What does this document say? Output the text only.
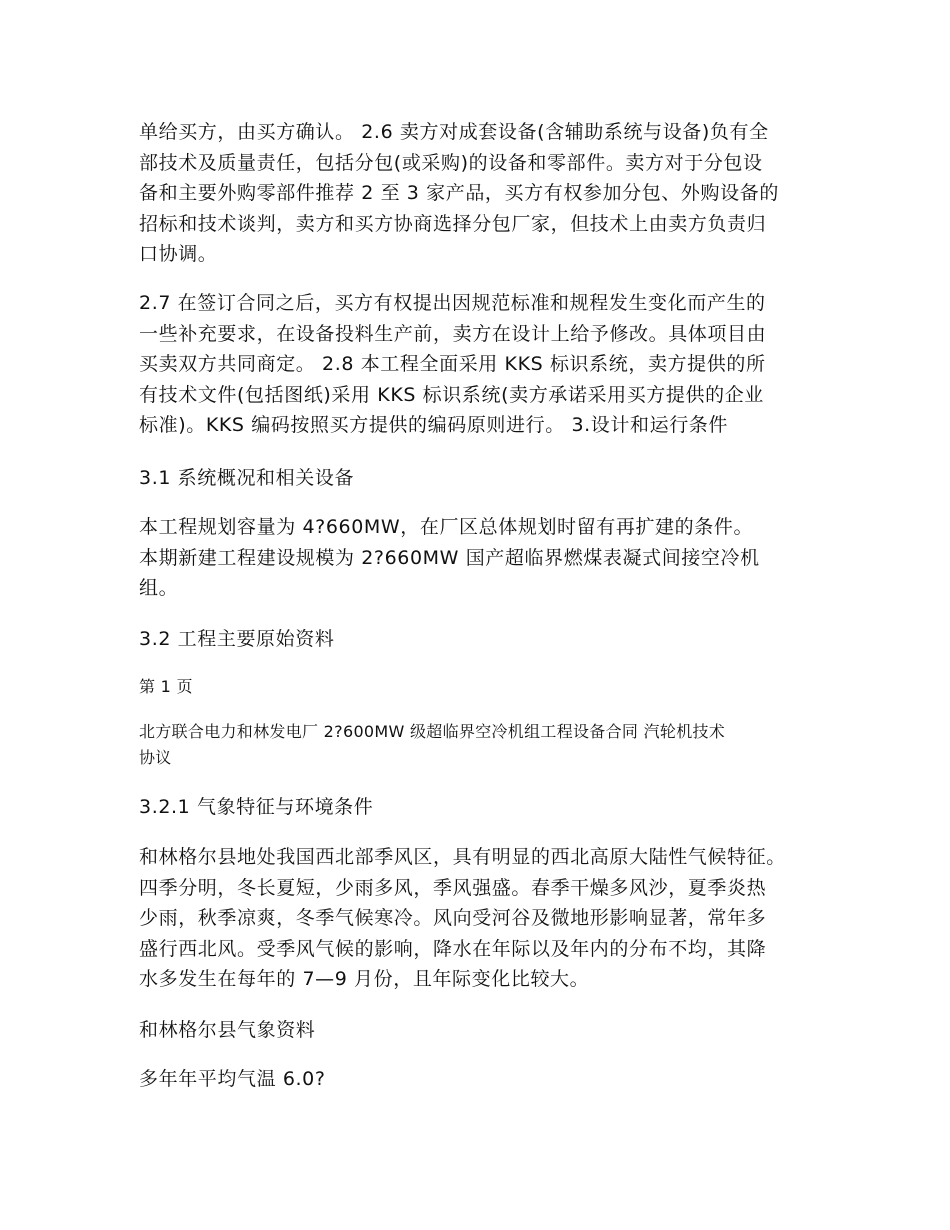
单给买方，由买方确认。 2.6 卖方对成套设备(含辅助系统与设备)负有全
部技术及质量责任，包括分包(或采购)的设备和零部件。卖方对于分包设
备和主要外购零部件推荐 2 至 3 家产品，买方有权参加分包、外购设备的
招标和技术谈判，卖方和买方协商选择分包厂家，但技术上由卖方负责归
口协调。
2.7 在签订合同之后，买方有权提出因规范标准和规程发生变化而产生的
一些补充要求，在设备投料生产前，卖方在设计上给予修改。具体项目由
买卖双方共同商定。 2.8 本工程全面采用 KKS 标识系统，卖方提供的所
有技术文件(包括图纸)采用 KKS 标识系统(卖方承诺采用买方提供的企业
标准)。KKS 编码按照买方提供的编码原则进行。 3.设计和运行条件
3.1 系统概况和相关设备
本工程规划容量为 4?660MW，在厂区总体规划时留有再扩建的条件。
本期新建工程建设规模为 2?660MW 国产超临界燃煤表凝式间接空冷机
组。
3.2 工程主要原始资料
第 1 页
北方联合电力和林发电厂 2?600MW 级超临界空冷机组工程设备合同 汽轮机技术
协议
3.2.1 气象特征与环境条件
和林格尔县地处我国西北部季风区，具有明显的西北高原大陆性气候特征。
四季分明，冬长夏短，少雨多风，季风强盛。春季干燥多风沙，夏季炎热
少雨，秋季凉爽，冬季气候寒冷。风向受河谷及微地形影响显著，常年多
盛行西北风。受季风气候的影响，降水在年际以及年内的分布不均，其降
水多发生在每年的 7—9 月份，且年际变化比较大。
和林格尔县气象资料
多年年平均气温 6.0?
